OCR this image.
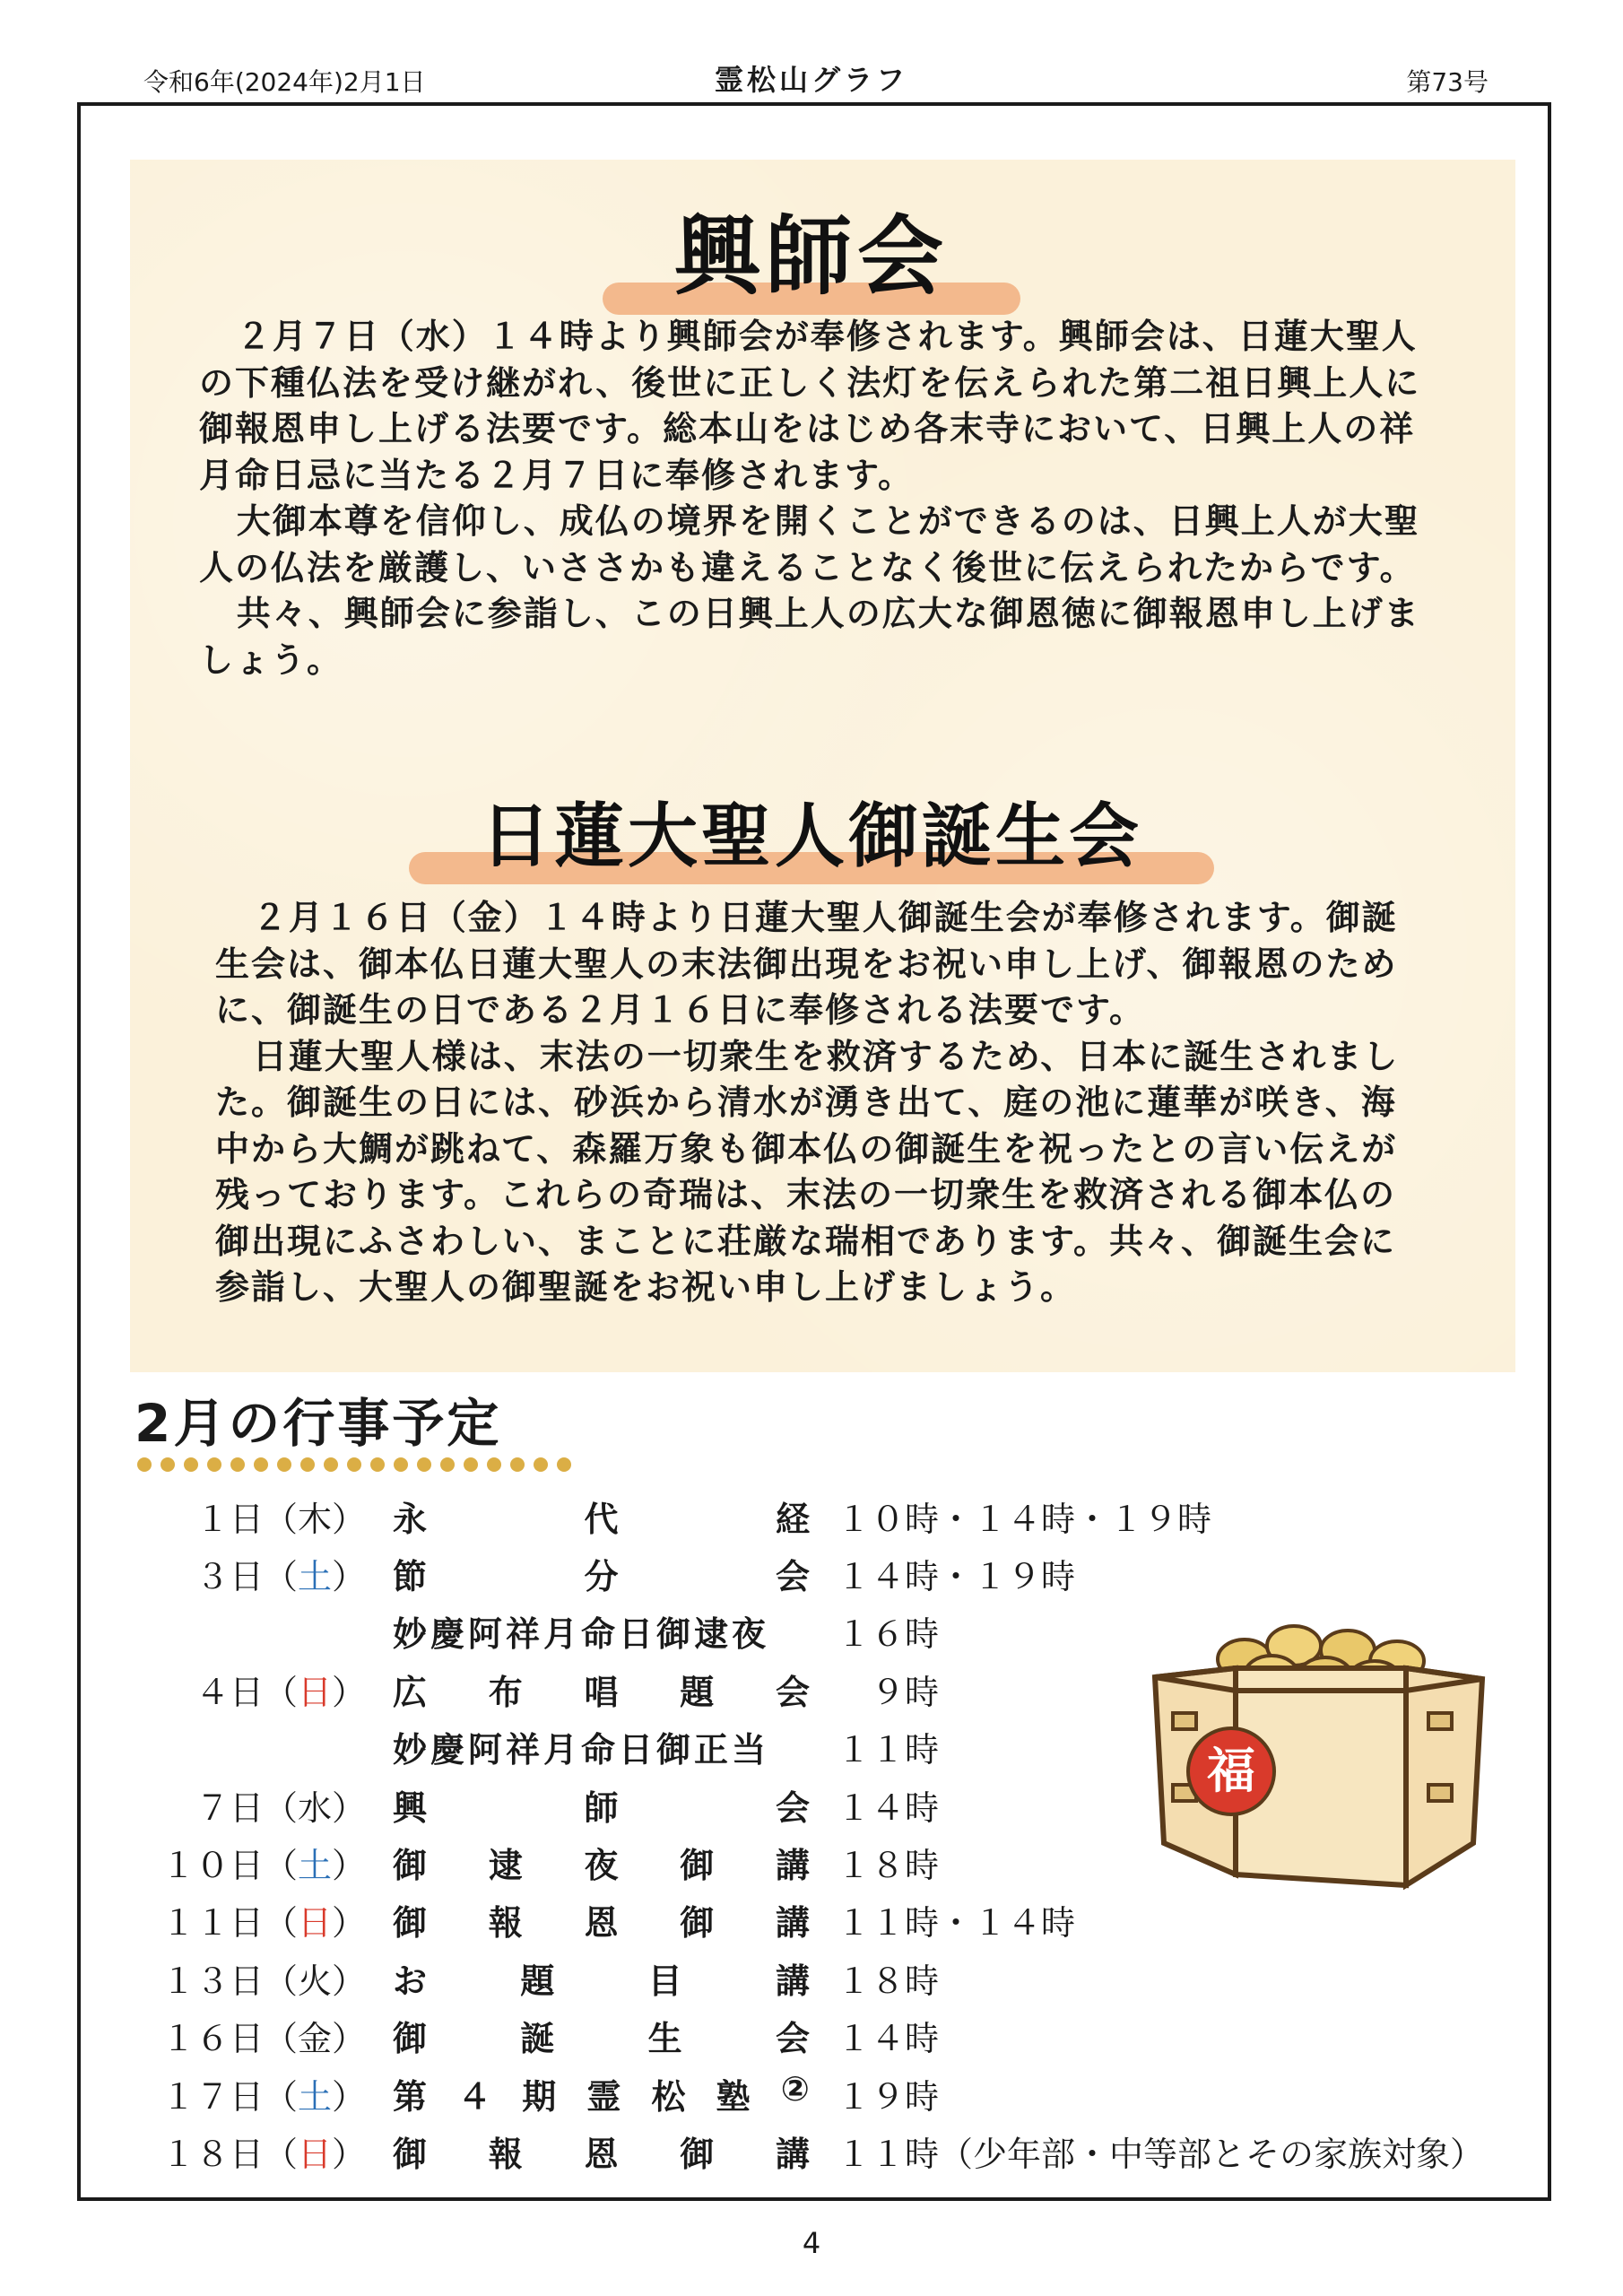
令和6年(2024年)2月1日	霊松山グラフ	第73号
興師会

２月７日（水）１４時より興師会が奉修されます。興師会は、日蓮大聖人の下種仏法を受け継がれ、後世に正しく法灯を伝えられた第二祖日興上人に御報恩申し上げる法要です。総本山をはじめ各末寺において、日興上人の祥月命日忌に当たる２月７日に奉修されます。

大御本尊を信仰し、成仏の境界を開くことができるのは、日興上人が大聖人の仏法を厳護し、いささかも違えることなく後世に伝えられたからです。

共々、興師会に参詣し、この日興上人の広大な御恩徳に御報恩申し上げましょう。

日蓮大聖人御誕生会

２月１６日（金）１４時より日蓮大聖人御誕生会が奉修されます。御誕生会は、御本仏日蓮大聖人の末法御出現をお祝い申し上げ、御報恩のために、御誕生の日である２月１６日に奉修される法要です。

日蓮大聖人様は、末法の一切衆生を救済するため、日本に誕生されました。御誕生の日には、砂浜から清水が湧き出て、庭の池に蓮華が咲き、海中から大鯛が跳ねて、森羅万象も御本仏の御誕生を祝ったとの言い伝えが残っております。これらの奇瑞は、末法の一切衆生を救済される御本仏の御出現にふさわしい、まことに荘厳な瑞相であります。共々、御誕生会に参詣し、大聖人の御聖誕をお祝い申し上げましょう。

2月の行事予定
１日（木） 永	代	経 １０時・１４時・１９時
３日（土） 節	分	会 １４時・１９時
妙慶阿祥月命日御逮夜 １６時
４日（日） 広 布 唱 題 会 　９時
妙慶阿祥月命日御正当 １１時
７日（水） 興	師	会 １４時
１０日（土） 御 逮 夜 御 講 １８時
１１日（日） 御 報 恩 御 講 １１時・１４時
１３日（火） お	題	目	講 １８時
１６日（金） 御	誕	生	会 １４時
１７日（土） 第 ４ 期 霊 松 塾 ② １９時
１８日（日） 御 報 恩 御 講 １１時（少年部・中等部とその家族対象）
福
4
